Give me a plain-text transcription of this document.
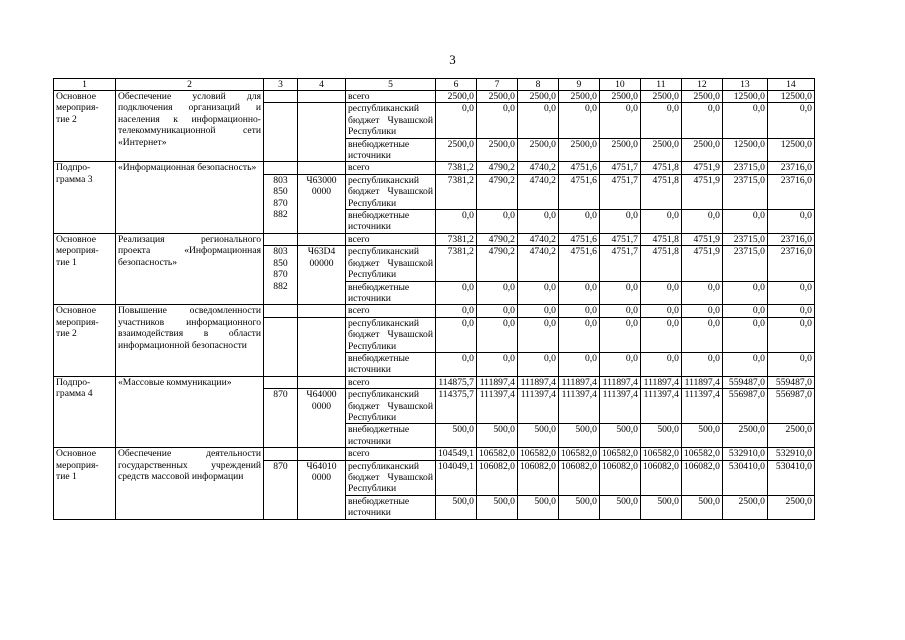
3
1	2	3	4	5	6	7	8	9	10	11	12	13	14

Основное
мероприя-
тие 2	Обеспечение условий для подключения организаций и населения к информационно-телекоммуникационной сети «Интернет»			всего	2500,0	2500,0	2500,0	2500,0	2500,0	2500,0	2500,0	12500,0	12500,0
				республиканский бюджет Чувашской Республики	0,0	0,0	0,0	0,0	0,0	0,0	0,0	0,0	0,0
				внебюджетные источники	2500,0	2500,0	2500,0	2500,0	2500,0	2500,0	2500,0	12500,0	12500,0

Подпро-
грамма 3	«Информационная безопасность»			всего	7381,2	4790,2	4740,2	4751,6	4751,7	4751,8	4751,9	23715,0	23716,0

		803
850
870
882	Ч63000 0000	республиканский бюджет Чувашской Республики	7381,2	4790,2	4740,2	4751,6	4751,7	4751,8	4751,9	23715,0	23716,0
				внебюджетные источники	0,0	0,0	0,0	0,0	0,0	0,0	0,0	0,0	0,0

Основное
мероприя-
тие 1	Реализация регионального проекта «Информационная безопасность»			всего	7381,2	4790,2	4740,2	4751,6	4751,7	4751,8	4751,9	23715,0	23716,0

		803
850
870
882	Ч63D4 00000	республиканский бюджет Чувашской Республики	7381,2	4790,2	4740,2	4751,6	4751,7	4751,8	4751,9	23715,0	23716,0
				внебюджетные источники	0,0	0,0	0,0	0,0	0,0	0,0	0,0	0,0	0,0

Основное
мероприя-
тие 2	Повышение осведомленности участников информационного взаимодействия в области информационной безопасности			всего	0,0	0,0	0,0	0,0	0,0	0,0	0,0	0,0	0,0
				республиканский бюджет Чувашской Республики	0,0	0,0	0,0	0,0	0,0	0,0	0,0	0,0	0,0
				внебюджетные источники	0,0	0,0	0,0	0,0	0,0	0,0	0,0	0,0	0,0

Подпро-
грамма 4	«Массовые коммуникации»			всего	114875,7	111897,4	111897,4	111897,4	111897,4	111897,4	111897,4	559487,0	559487,0

		870	Ч64000 0000	республиканский бюджет Чувашской Республики	114375,7	111397,4	111397,4	111397,4	111397,4	111397,4	111397,4	556987,0	556987,0
				внебюджетные источники	500,0	500,0	500,0	500,0	500,0	500,0	500,0	2500,0	2500,0

Основное
мероприя-
тие 1	Обеспечение деятельности государственных учреждений средств массовой информации			всего	104549,1	106582,0	106582,0	106582,0	106582,0	106582,0	106582,0	532910,0	532910,0

		870	Ч64010 0000	республиканский бюджет Чувашской Республики	104049,1	106082,0	106082,0	106082,0	106082,0	106082,0	106082,0	530410,0	530410,0
				внебюджетные источники	500,0	500,0	500,0	500,0	500,0	500,0	500,0	2500,0	2500,0
